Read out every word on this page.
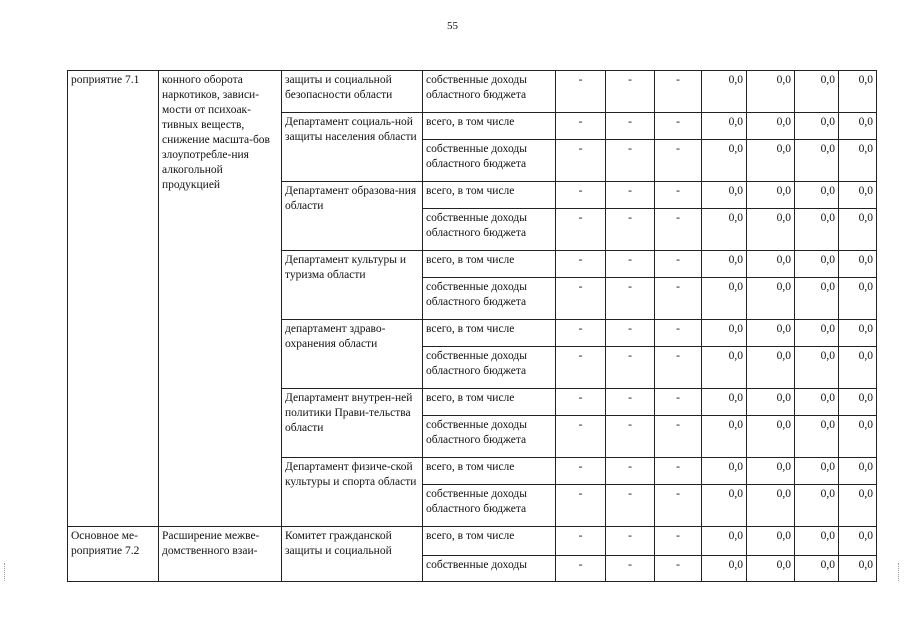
55
роприятие 7.1	конного оборота наркотиков, зависи-мости от психоак-тивных веществ, снижение масшта-бов злоупотребле-ния алкогольной продукцией	защиты и социальной безопасности области	собственные доходы областного бюджета	-	-	-	0,0	0,0	0,0	0,0
		Департамент социаль-ной защиты населения области	всего, в том числе	-	-	-	0,0	0,0	0,0	0,0
			собственные доходы областного бюджета	-	-	-	0,0	0,0	0,0	0,0
		Департамент образова-ния области	всего, в том числе	-	-	-	0,0	0,0	0,0	0,0
			собственные доходы областного бюджета	-	-	-	0,0	0,0	0,0	0,0
		Департамент культуры и туризма области	всего, в том числе	-	-	-	0,0	0,0	0,0	0,0
			собственные доходы областного бюджета	-	-	-	0,0	0,0	0,0	0,0
		департамент здраво-охранения области	всего, в том числе	-	-	-	0,0	0,0	0,0	0,0
			собственные доходы областного бюджета	-	-	-	0,0	0,0	0,0	0,0
		Департамент внутрен-ней политики Прави-тельства области	всего, в том числе	-	-	-	0,0	0,0	0,0	0,0
			собственные доходы областного бюджета	-	-	-	0,0	0,0	0,0	0,0
		Департамент физиче-ской культуры и спорта области	всего, в том числе	-	-	-	0,0	0,0	0,0	0,0
			собственные доходы областного бюджета	-	-	-	0,0	0,0	0,0	0,0
Основное ме-роприятие 7.2	Расширение межве-домственного взаи-	Комитет гражданской защиты и социальной	всего, в том числе	-	-	-	0,0	0,0	0,0	0,0
			собственные доходы	-	-	-	0,0	0,0	0,0	0,0
